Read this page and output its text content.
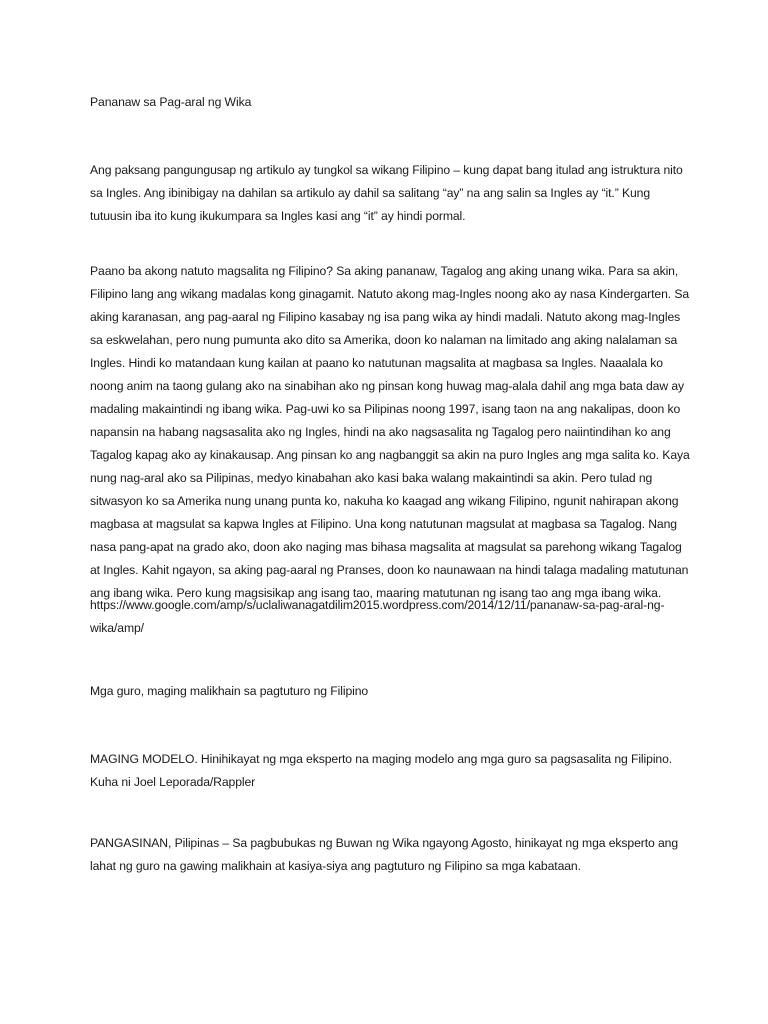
Pananaw sa Pag-aral ng Wika

Ang paksang pangungusap ng artikulo ay tungkol sa wikang Filipino – kung dapat bang itulad ang istruktura nito sa Ingles. Ang ibinibigay na dahilan sa artikulo ay dahil sa salitang “ay” na ang salin sa Ingles ay “it.” Kung tutuusin iba ito kung ikukumpara sa Ingles kasi ang “it” ay hindi pormal.

Paano ba akong natuto magsalita ng Filipino? Sa aking pananaw, Tagalog ang aking unang wika. Para sa akin, Filipino lang ang wikang madalas kong ginagamit. Natuto akong mag-Ingles noong ako ay nasa Kindergarten. Sa aking karanasan, ang pag-aaral ng Filipino kasabay ng isa pang wika ay hindi madali. Natuto akong mag-Ingles sa eskwelahan, pero nung pumunta ako dito sa Amerika, doon ko nalaman na limitado ang aking nalalaman sa Ingles. Hindi ko matandaan kung kailan at paano ko natutunan magsalita at magbasa sa Ingles. Naaalala ko noong anim na taong gulang ako na sinabihan ako ng pinsan kong huwag mag-alala dahil ang mga bata daw ay madaling makaintindi ng ibang wika. Pag-uwi ko sa Pilipinas noong 1997, isang taon na ang nakalipas, doon ko napansin na habang nagsasalita ako ng Ingles, hindi na ako nagsasalita ng Tagalog pero naiintindihan ko ang Tagalog kapag ako ay kinakausap. Ang pinsan ko ang nagbanggit sa akin na puro Ingles ang mga salita ko. Kaya nung nag-aral ako sa Pilipinas, medyo kinabahan ako kasi baka walang makaintindi sa akin. Pero tulad ng sitwasyon ko sa Amerika nung unang punta ko, nakuha ko kaagad ang wikang Filipino, ngunit nahirapan akong magbasa at magsulat sa kapwa Ingles at Filipino. Una kong natutunan magsulat at magbasa sa Tagalog. Nang nasa pang-apat na grado ako, doon ako naging mas bihasa magsalita at magsulat sa parehong wikang Tagalog at Ingles. Kahit ngayon, sa aking pag-aaral ng Pranses, doon ko naunawaan na hindi talaga madaling matutunan ang ibang wika. Pero kung magsisikap ang isang tao, maaring matutunan ng isang tao ang mga ibang wika.

https://www.google.com/amp/s/uclaliwanagatdilim2015.wordpress.com/2014/12/11/pananaw-sa-pag-aral-ng-wika/amp/

Mga guro, maging malikhain sa pagtuturo ng Filipino

MAGING MODELO. Hinihikayat ng mga eksperto na maging modelo ang mga guro sa pagsasalita ng Filipino. Kuha ni Joel Leporada/Rappler

PANGASINAN, Pilipinas – Sa pagbubukas ng Buwan ng Wika ngayong Agosto, hinikayat ng mga eksperto ang lahat ng guro na gawing malikhain at kasiya-siya ang pagtuturo ng Filipino sa mga kabataan.
